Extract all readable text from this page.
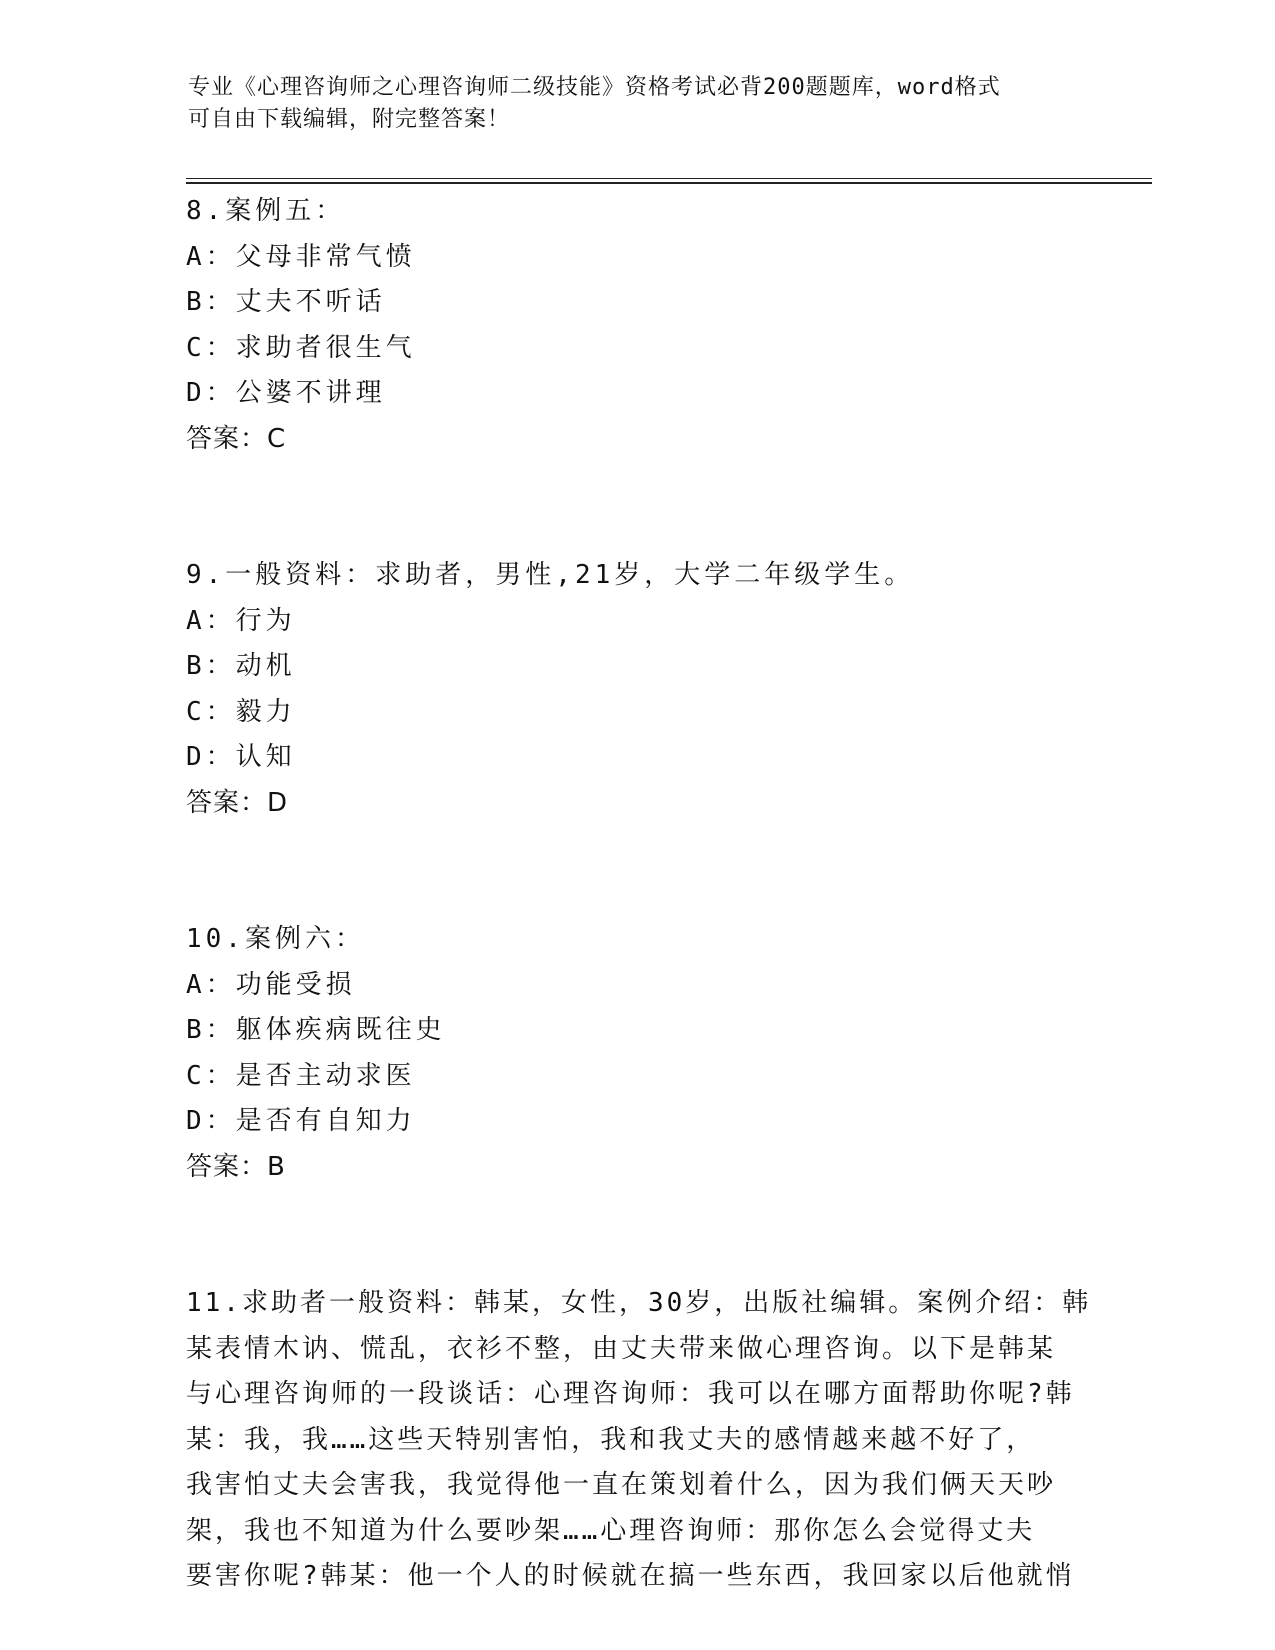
专业《心理咨询师之心理咨询师二级技能》资格考试必背200题题库，word格式
可自由下载编辑，附完整答案！
8.案例五：
A：父母非常气愤
B：丈夫不听话
C：求助者很生气
D：公婆不讲理
答案：C
9.一般资料：求助者，男性,21岁，大学二年级学生。
A：行为
B：动机
C：毅力
D：认知
答案：D
10.案例六：
A：功能受损
B：躯体疾病既往史
C：是否主动求医
D：是否有自知力
答案：B
11.求助者一般资料：韩某，女性，30岁，出版社编辑。案例介绍：韩
某表情木讷、慌乱，衣衫不整，由丈夫带来做心理咨询。以下是韩某
与心理咨询师的一段谈话：心理咨询师：我可以在哪方面帮助你呢?韩
某：我，我……这些天特别害怕，我和我丈夫的感情越来越不好了，
我害怕丈夫会害我，我觉得他一直在策划着什么，因为我们俩天天吵
架，我也不知道为什么要吵架……心理咨询师：那你怎么会觉得丈夫
要害你呢?韩某：他一个人的时候就在搞一些东西，我回家以后他就悄
